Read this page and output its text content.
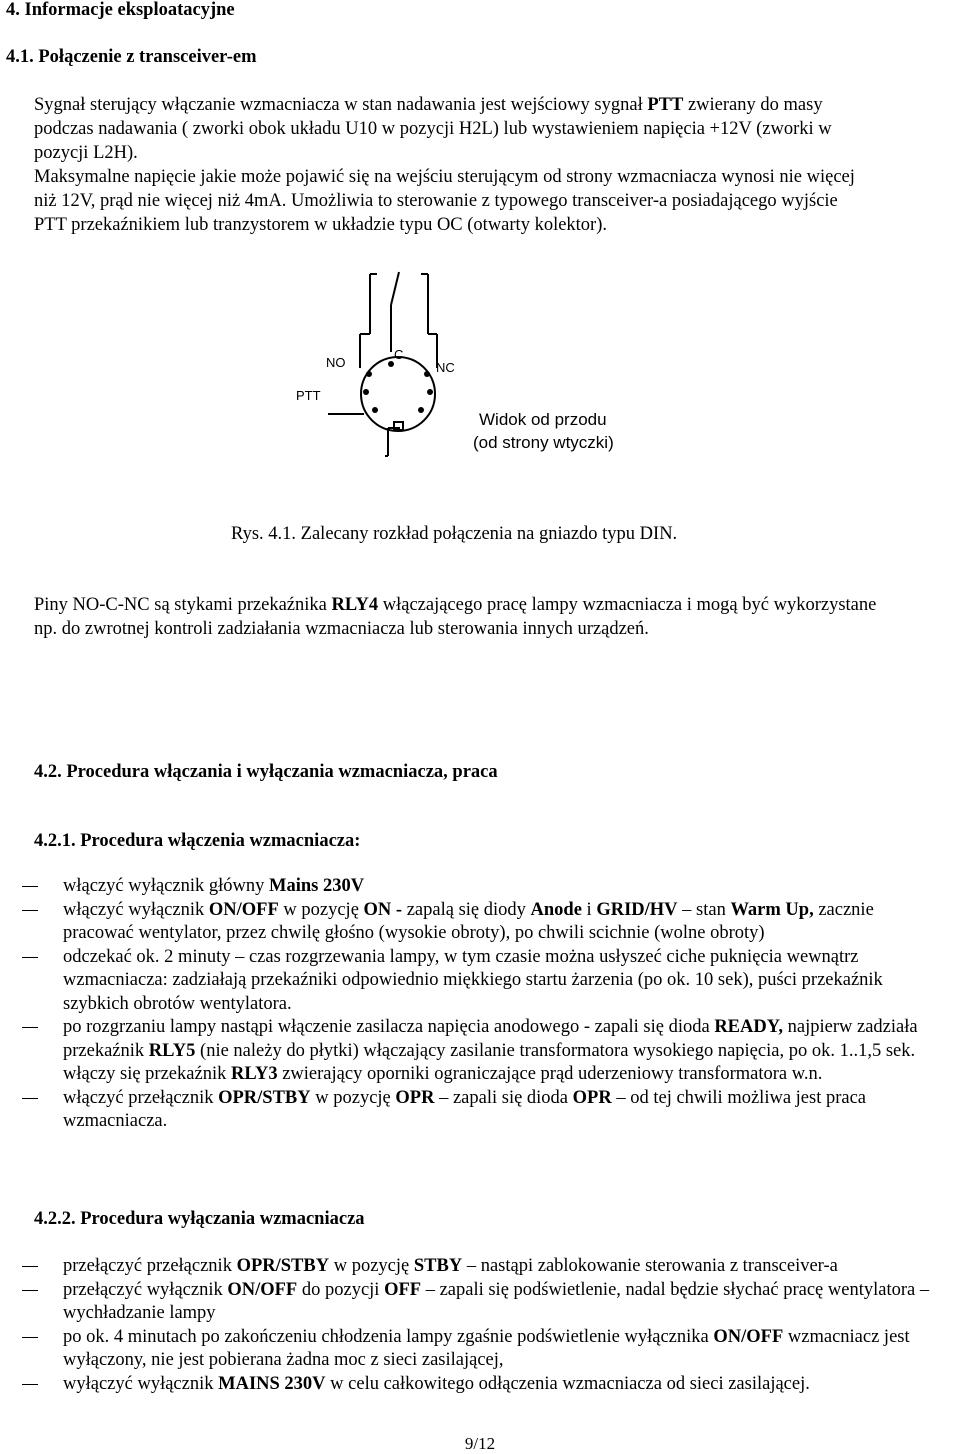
4. Informacje eksploatacyjne
4.1. Połączenie z transceiver-em
Sygnał sterujący włączanie wzmacniacza w stan nadawania jest wejściowy sygnał PTT zwierany do masy
podczas nadawania ( zworki obok układu U10 w pozycji H2L) lub wystawieniem napięcia +12V (zworki w
pozycji L2H).
Maksymalne napięcie jakie może pojawić się na wejściu sterującym od strony wzmacniacza wynosi nie więcej
niż 12V, prąd nie więcej niż 4mA. Umożliwia to sterowanie z typowego transceiver-a posiadającego wyjście
PTT przekaźnikiem lub tranzystorem w układzie typu OC (otwarty kolektor).
NO
C
NC
PTT
Widok od przodu
(od strony wtyczki)
Rys. 4.1. Zalecany rozkład połączenia na gniazdo typu DIN.
Piny NO-C-NC są stykami przekaźnika RLY4 włączającego pracę lampy wzmacniacza i mogą być wykorzystane
np. do zwrotnej kontroli zadziałania wzmacniacza lub sterowania innych urządzeń.
4.2. Procedura włączania i wyłączania wzmacniacza, praca
4.2.1. Procedura włączenia wzmacniacza:
włączyć wyłącznik główny Mains 230V
włączyć wyłącznik ON/OFF w pozycję ON - zapalą się diody Anode i GRID/HV – stan Warm Up, zacznie pracować wentylator, przez chwilę głośno (wysokie obroty), po chwili scichnie (wolne obroty)
odczekać ok. 2 minuty – czas rozgrzewania lampy, w tym czasie można usłyszeć ciche puknięcia wewnątrz wzmacniacza: zadziałają przekaźniki odpowiednio miękkiego startu żarzenia (po ok. 10 sek), puści przekaźnik szybkich obrotów wentylatora.
po rozgrzaniu lampy nastąpi włączenie zasilacza napięcia anodowego - zapali się dioda READY, najpierw zadziała przekaźnik RLY5 (nie należy do płytki) włączający zasilanie transformatora wysokiego napięcia, po ok. 1..1,5 sek. włączy się przekaźnik RLY3 zwierający oporniki ograniczające prąd uderzeniowy transformatora w.n.
włączyć przełącznik OPR/STBY w pozycję OPR – zapali się dioda OPR – od tej chwili możliwa jest praca wzmacniacza.
4.2.2. Procedura wyłączania wzmacniacza
przełączyć przełącznik OPR/STBY w pozycję STBY – nastąpi zablokowanie sterowania z transceiver-a
przełączyć wyłącznik ON/OFF do pozycji OFF – zapali się podświetlenie, nadal będzie słychać pracę wentylatora – wychładzanie lampy
po ok. 4 minutach po zakończeniu chłodzenia lampy zgaśnie podświetlenie wyłącznika ON/OFF wzmacniacz jest wyłączony, nie jest pobierana żadna moc z sieci zasilającej,
wyłączyć wyłącznik MAINS 230V w celu całkowitego odłączenia wzmacniacza od sieci zasilającej.
9/12
